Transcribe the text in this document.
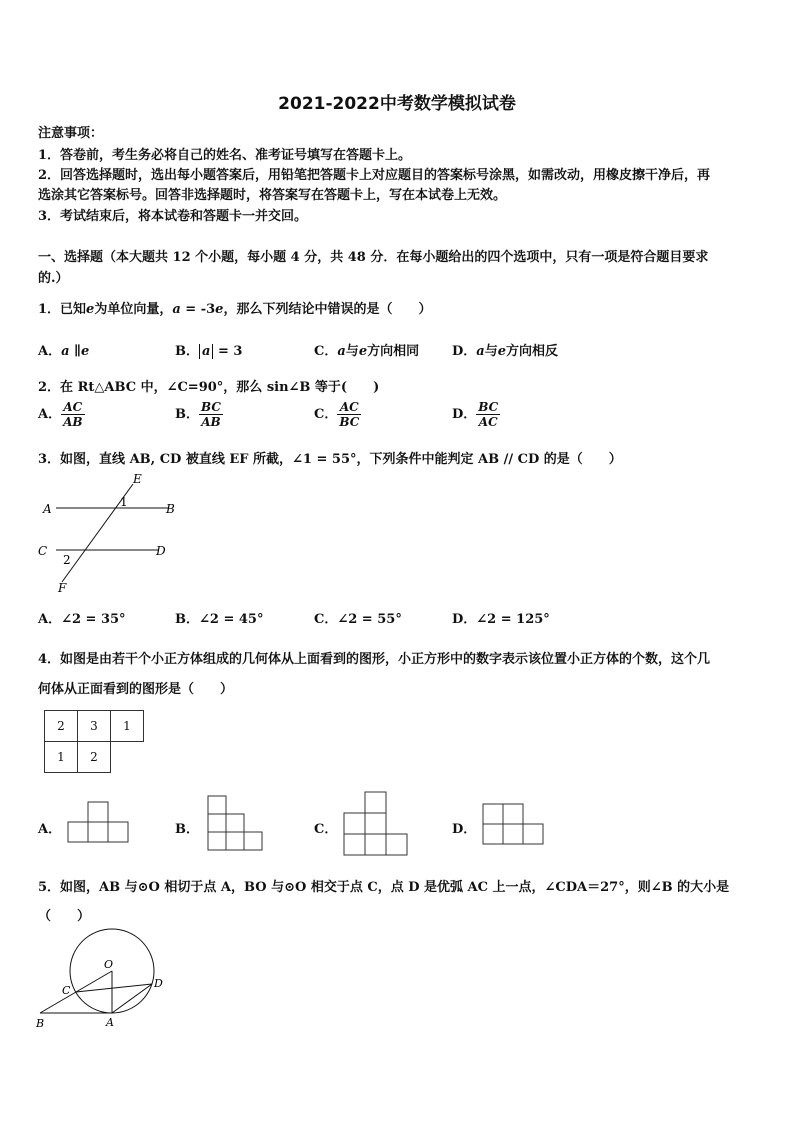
2021-2022中考数学模拟试卷
注意事项：
1．答卷前，考生务必将自己的姓名、准考证号填写在答题卡上。
2．回答选择题时，选出每小题答案后，用铅笔把答题卡上对应题目的答案标号涂黑，如需改动，用橡皮擦干净后，再
选涂其它答案标号。回答非选择题时，将答案写在答题卡上，写在本试卷上无效。
3．考试结束后，将本试卷和答题卡一并交回。
一、选择题（本大题共 12 个小题，每小题 4 分，共 48 分．在每小题给出的四个选项中，只有一项是符合题目要求
的.）
1．已知e为单位向量，a = -3e，那么下列结论中错误的是（　　）
A．a ∥e	B． a = 3	C．a与e方向相同	D．a与e方向相反
2．在 Rt△ABC 中，∠C=90°，那么 sin∠B 等于(　　)
A． $\frac{AC}{AB}$	B． $\frac{BC}{AB}$	C． $\frac{AC}{BC}$	D． $\frac{BC}{AC}$
3．如图，直线 AB, CD 被直线 EF 所截，∠1 = 55°，下列条件中能判定 AB // CD 的是（　　）
A	B
C	D
E
F
1
2
A．∠2 = 35°	B．∠2 = 45°	C．∠2 = 55°	D．∠2 = 125°
4．如图是由若干个小正方体组成的几何体从上面看到的图形，小正方形中的数字表示该位置小正方体的个数，这个几
何体从正面看到的图形是（　　）
2	3	1
1	2	
A．	B．	C．	D．
5．如图，AB 与⊙O 相切于点 A，BO 与⊙O 相交于点 C，点 D 是优弧 AC 上一点，∠CDA＝27°，则∠B 的大小是
（　　）
O
C
D
B	A
